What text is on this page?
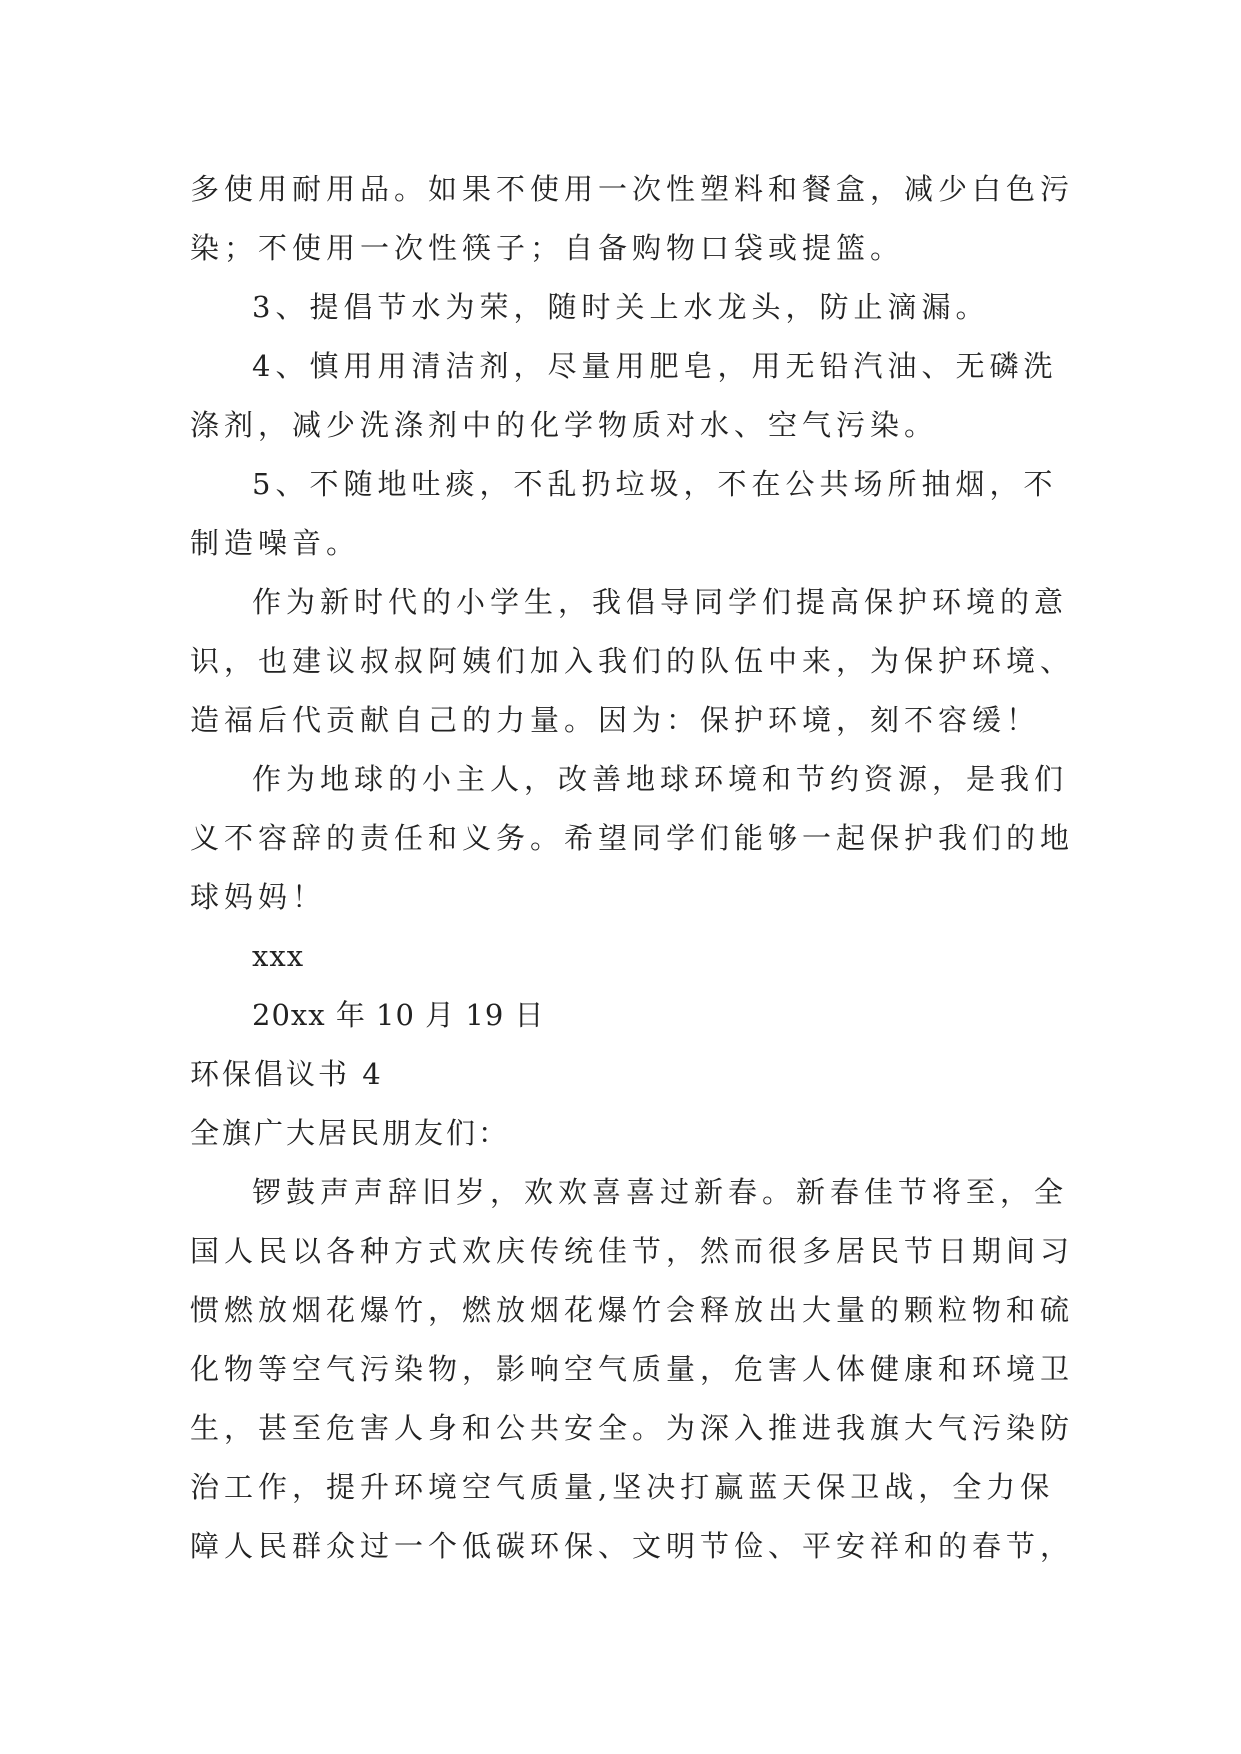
多使用耐用品。如果不使用一次性塑料和餐盒，减少白色污
染；不使用一次性筷子；自备购物口袋或提篮。

3、提倡节水为荣，随时关上水龙头，防止滴漏。

4、慎用用清洁剂，尽量用肥皂，用无铅汽油、无磷洗
涤剂，减少洗涤剂中的化学物质对水、空气污染。

5、不随地吐痰，不乱扔垃圾，不在公共场所抽烟，不
制造噪音。

作为新时代的小学生，我倡导同学们提高保护环境的意
识，也建议叔叔阿姨们加入我们的队伍中来，为保护环境、
造福后代贡献自己的力量。因为：保护环境，刻不容缓！

作为地球的小主人，改善地球环境和节约资源，是我们
义不容辞的责任和义务。希望同学们能够一起保护我们的地
球妈妈！

xxx

20xx 年 10 月 19 日

环保倡议书 4

全旗广大居民朋友们：

锣鼓声声辞旧岁，欢欢喜喜过新春。新春佳节将至，全
国人民以各种方式欢庆传统佳节，然而很多居民节日期间习
惯燃放烟花爆竹，燃放烟花爆竹会释放出大量的颗粒物和硫
化物等空气污染物，影响空气质量，危害人体健康和环境卫
生，甚至危害人身和公共安全。为深入推进我旗大气污染防
治工作，提升环境空气质量,坚决打赢蓝天保卫战，全力保
障人民群众过一个低碳环保、文明节俭、平安祥和的春节，
